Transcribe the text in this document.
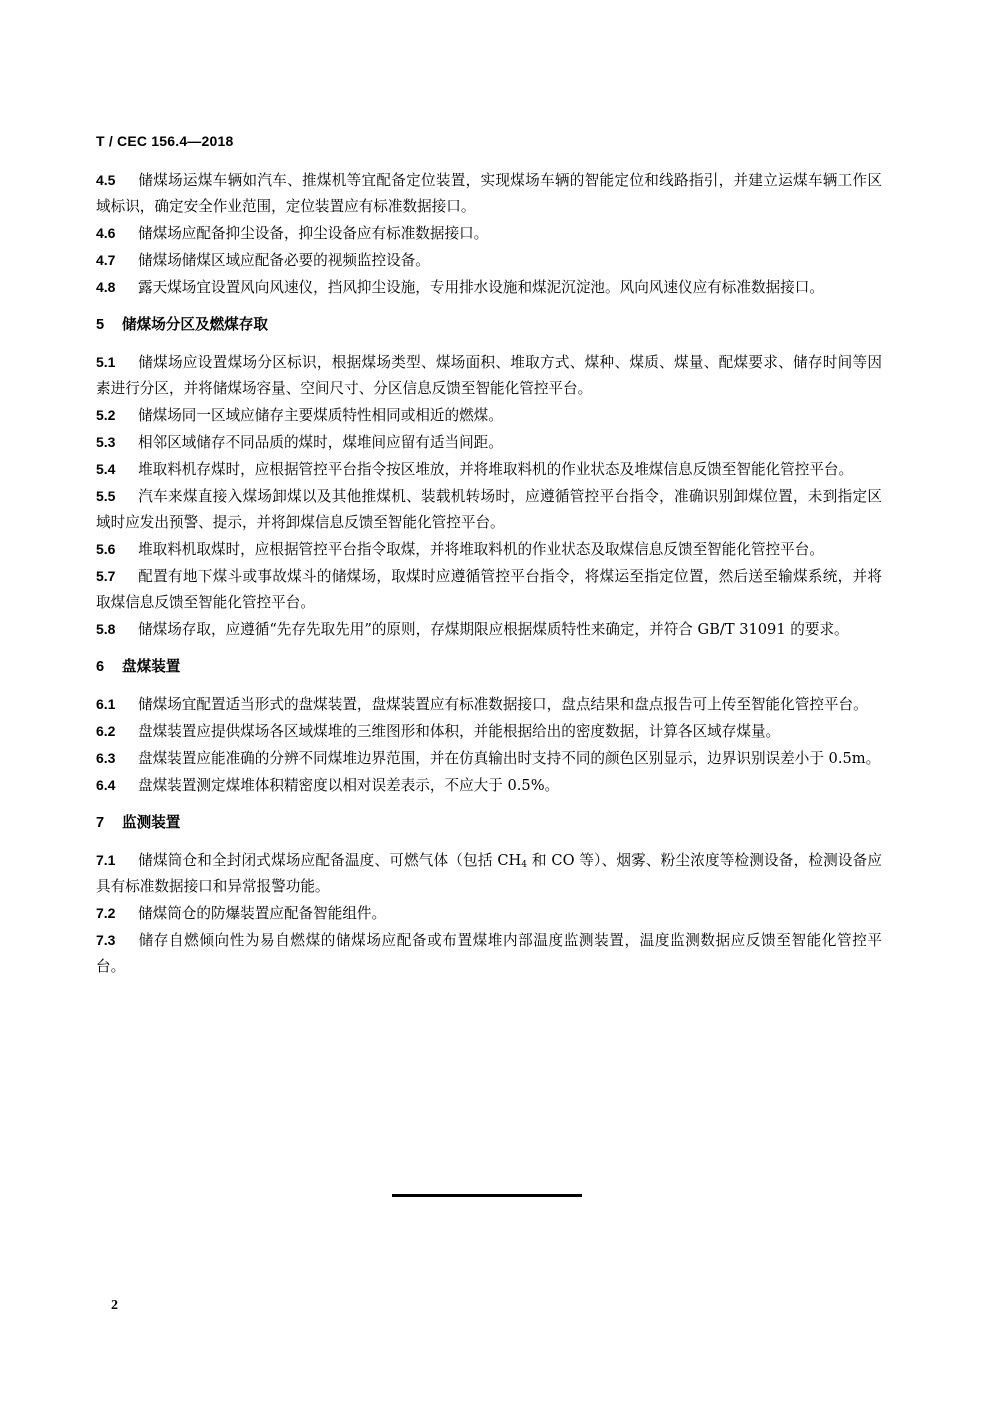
T / CEC 156.4—2018

4.5 储煤场运煤车辆如汽车、推煤机等宜配备定位装置，实现煤场车辆的智能定位和线路指引，并建立运煤车辆工作区域标识，确定安全作业范围，定位装置应有标准数据接口。

4.6 储煤场应配备抑尘设备，抑尘设备应有标准数据接口。

4.7 储煤场储煤区域应配备必要的视频监控设备。

4.8 露天煤场宜设置风向风速仪，挡风抑尘设施，专用排水设施和煤泥沉淀池。风向风速仪应有标准数据接口。

5 储煤场分区及燃煤存取

5.1 储煤场应设置煤场分区标识，根据煤场类型、煤场面积、堆取方式、煤种、煤质、煤量、配煤要求、储存时间等因素进行分区，并将储煤场容量、空间尺寸、分区信息反馈至智能化管控平台。

5.2 储煤场同一区域应储存主要煤质特性相同或相近的燃煤。

5.3 相邻区域储存不同品质的煤时，煤堆间应留有适当间距。

5.4 堆取料机存煤时，应根据管控平台指令按区堆放，并将堆取料机的作业状态及堆煤信息反馈至智能化管控平台。

5.5 汽车来煤直接入煤场卸煤以及其他推煤机、装载机转场时，应遵循管控平台指令，准确识别卸煤位置，未到指定区域时应发出预警、提示，并将卸煤信息反馈至智能化管控平台。

5.6 堆取料机取煤时，应根据管控平台指令取煤，并将堆取料机的作业状态及取煤信息反馈至智能化管控平台。

5.7 配置有地下煤斗或事故煤斗的储煤场，取煤时应遵循管控平台指令，将煤运至指定位置，然后送至输煤系统，并将取煤信息反馈至智能化管控平台。

5.8 储煤场存取，应遵循“先存先取先用”的原则，存煤期限应根据煤质特性来确定，并符合 GB/T 31091 的要求。

6 盘煤装置

6.1 储煤场宜配置适当形式的盘煤装置，盘煤装置应有标准数据接口，盘点结果和盘点报告可上传至智能化管控平台。

6.2 盘煤装置应提供煤场各区域煤堆的三维图形和体积，并能根据给出的密度数据，计算各区域存煤量。

6.3 盘煤装置应能准确的分辨不同煤堆边界范围，并在仿真输出时支持不同的颜色区别显示，边界识别误差小于 0.5m。

6.4 盘煤装置测定煤堆体积精密度以相对误差表示，不应大于 0.5%。

7 监测装置

7.1 储煤筒仓和全封闭式煤场应配备温度、可燃气体（包括 $CH_4$ 和 CO 等）、烟雾、粉尘浓度等检测设备，检测设备应具有标准数据接口和异常报警功能。

7.2 储煤筒仓的防爆装置应配备智能组件。

7.3 储存自燃倾向性为易自燃煤的储煤场应配备或布置煤堆内部温度监测装置，温度监测数据应反馈至智能化管控平台。

2
